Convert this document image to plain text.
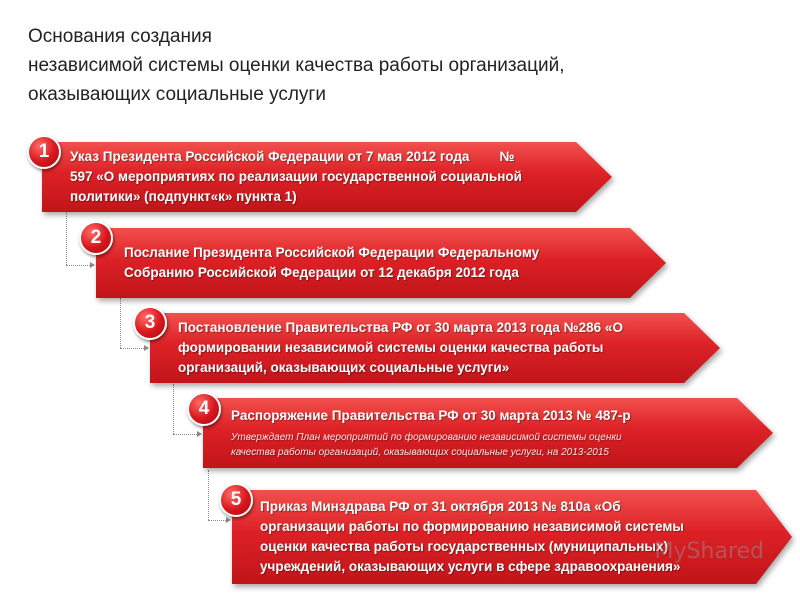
Основания создания
независимой системы оценки качества работы организаций,
оказывающих социальные услуги
Указ Президента Российской Федерации от 7 мая 2012 года        №
597 «О мероприятиях по реализации государственной социальной
политики» (подпункт«к» пункта 1)
1
Послание Президента Российской Федерации Федеральному
Собранию Российской Федерации от 12 декабря 2012 года
2
Постановление Правительства РФ от 30 марта 2013 года №286 «О
формировании независимой системы оценки качества работы
организаций, оказывающих социальные услуги»
3
Распоряжение Правительства РФ от 30 марта 2013 № 487-р
Утверждает План мероприятий по формированию независимой системы оценки
качества работы организаций, оказывающих социальные услуги, на 2013-2015
4
Приказ Минздрава РФ от 31 октября 2013 № 810а «Об
организации работы по формированию независимой системы
оценки качества работы государственных (муниципальных)
учреждений, оказывающих услуги в сфере здравоохранения»
5
MyShared
